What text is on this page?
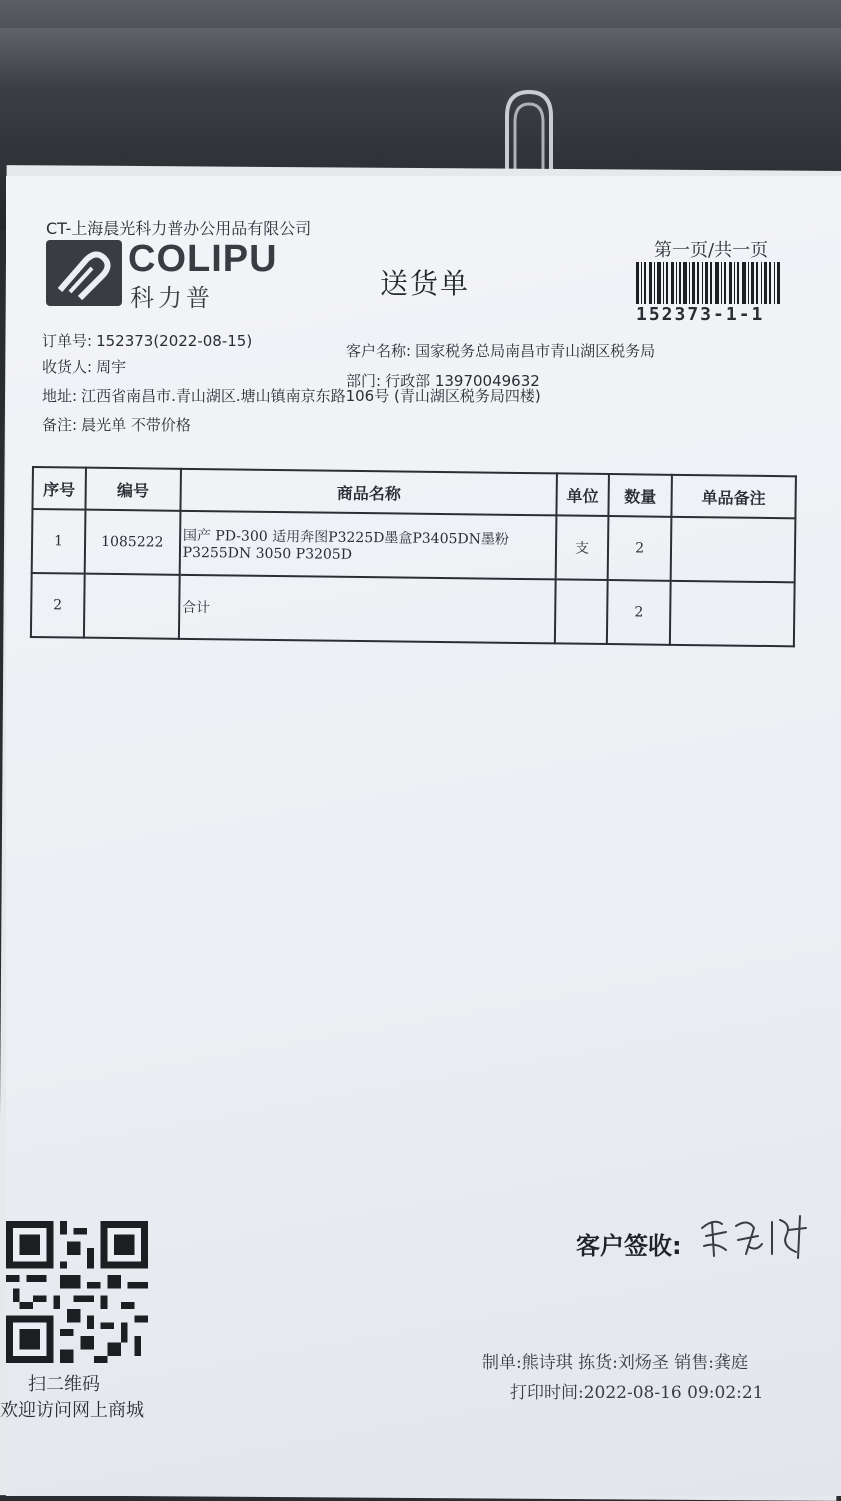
CT-上海晨光科力普办公用品有限公司
COLIPU
科力普	送货单
第一页/共一页
152373-1-1
订单号: 152373(2022-08-15)
收货人: 周宇
地址: 江西省南昌市.青山湖区.塘山镇南京东路106号 (青山湖区税务局四楼)
备注: 晨光单 不带价格
客户名称: 国家税务总局南昌市青山湖区税务局
部门: 行政部 13970049632
序号	编号	商品名称	单位	数量	单品备注
1	1085222	国产 PD-300 适用奔图P3225D墨盒P3405DN墨粉 P3255DN 3050 P3205D	支	2	
2		合计		2	
扫二维码
欢迎访问网上商城
客户签收:
制单:熊诗琪 拣货:刘炀圣 销售:龚庭
打印时间:2022-08-16 09:02:21
